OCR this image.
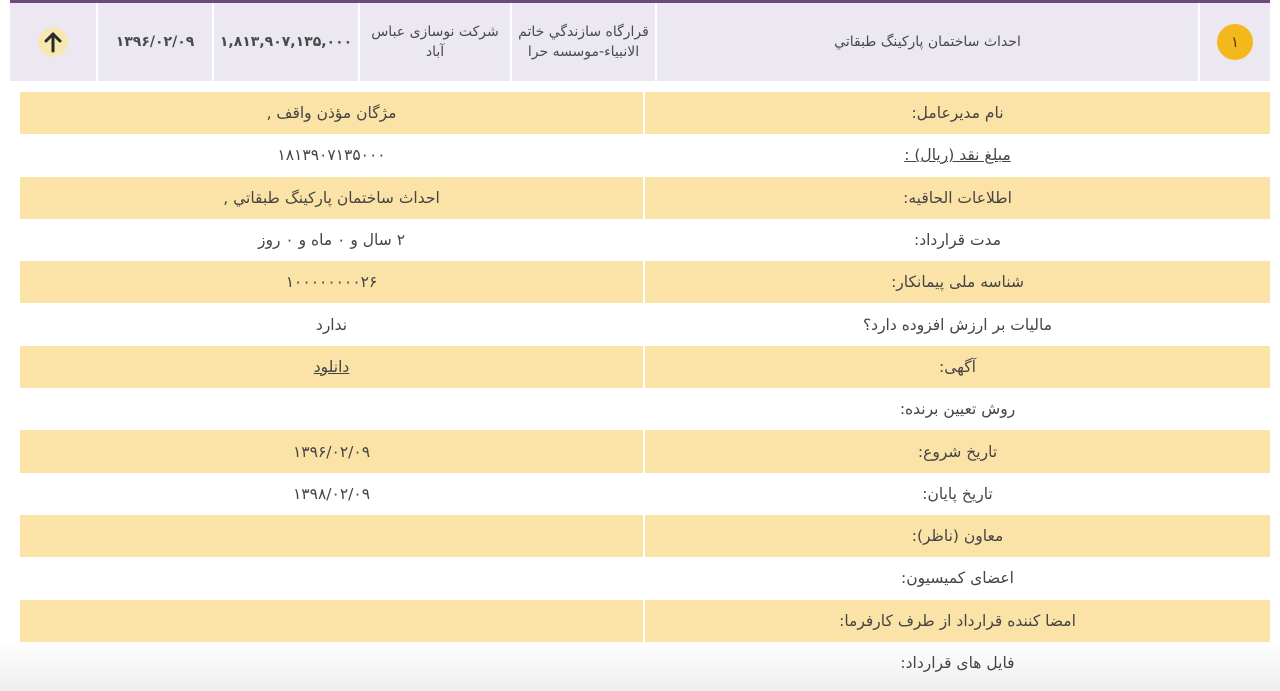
۱
احداث ساختمان پارکينگ طبقاتي
قرارگاه سازندگي خاتم الانبياء-موسسه حرا
شرکت نوسازی عباس آباد
۱,۸۱۳,۹۰۷,۱۳۵,۰۰۰
۱۳۹۶/۰۲/۰۹
نام مديرعامل:
مژگان مؤذن واقف ,
مبلغ نقد (ریال) :
۱۸۱۳۹۰۷۱۳۵۰۰۰
اطلاعات الحاقيه:
احداث ساختمان پارکينگ طبقاتي ,
مدت قرارداد:
۲ سال و ۰ ماه و ۰ روز
شناسه ملی پيمانکار:
۱۰۰۰۰۰۰۰۰۲۶
ماليات بر ارزش افزوده دارد؟
ندارد
آگهی:
دانلود
روش تعيين برنده:
تاريخ شروع:
۱۳۹۶/۰۲/۰۹
تاريخ پايان:
۱۳۹۸/۰۲/۰۹
معاون (ناظر):
اعضای کميسيون:
امضا کننده قرارداد از طرف کارفرما:
فايل های قرارداد:
